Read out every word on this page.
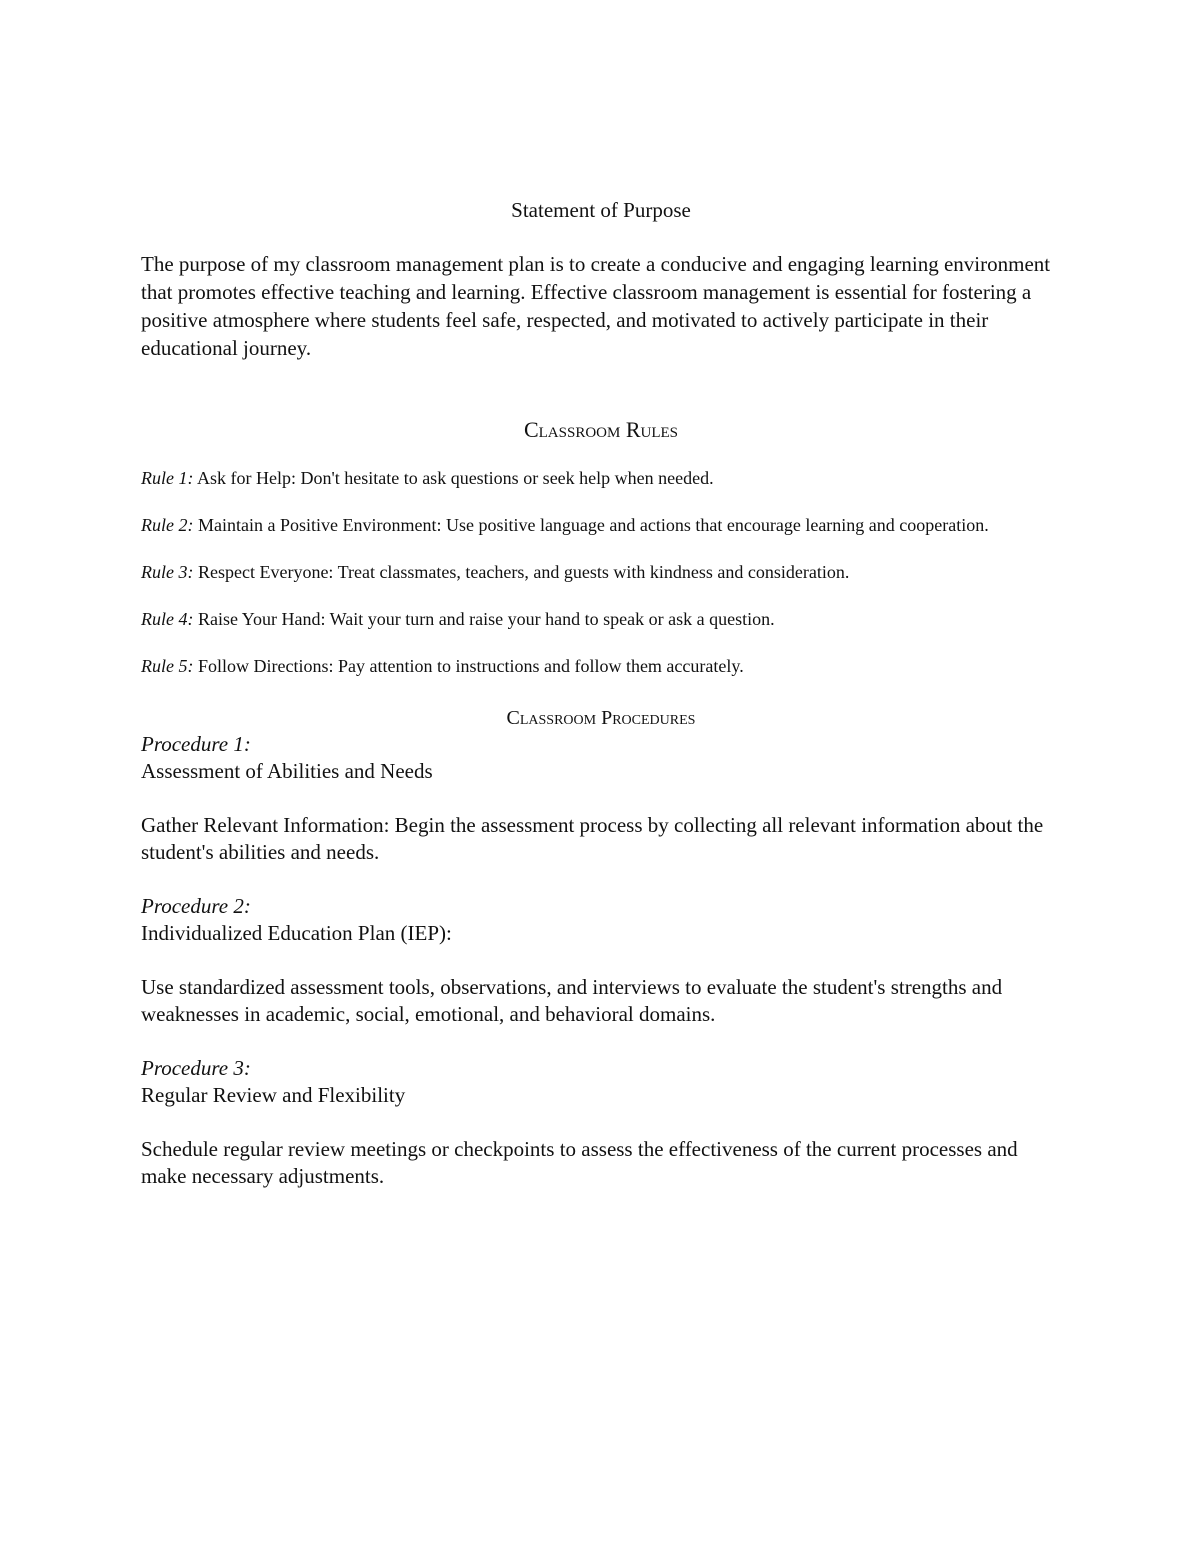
Statement of Purpose

The purpose of my classroom management plan is to create a conducive and engaging learning environment that promotes effective teaching and learning. Effective classroom management is essential for fostering a positive atmosphere where students feel safe, respected, and motivated to actively participate in their educational journey.

Classroom Rules

Rule 1: Ask for Help: Don't hesitate to ask questions or seek help when needed.

Rule 2: Maintain a Positive Environment: Use positive language and actions that encourage learning and cooperation.

Rule 3: Respect Everyone: Treat classmates, teachers, and guests with kindness and consideration.

Rule 4: Raise Your Hand: Wait your turn and raise your hand to speak or ask a question.

Rule 5: Follow Directions: Pay attention to instructions and follow them accurately.

Classroom Procedures
Procedure 1:
Assessment of Abilities and Needs

Gather Relevant Information: Begin the assessment process by collecting all relevant information about the student's abilities and needs.

Procedure 2:
Individualized Education Plan (IEP):

Use standardized assessment tools, observations, and interviews to evaluate the student's strengths and weaknesses in academic, social, emotional, and behavioral domains.

Procedure 3:
Regular Review and Flexibility

Schedule regular review meetings or checkpoints to assess the effectiveness of the current processes and make necessary adjustments.
